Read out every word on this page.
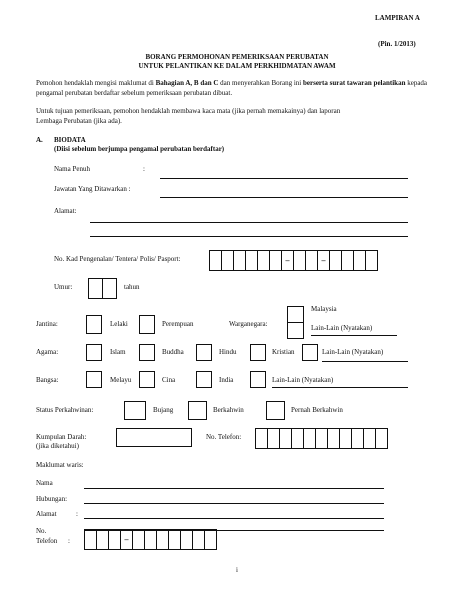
LAMPIRAN A
(Pin. 1/2013)
BORANG PERMOHONAN PEMERIKSAAN PERUBATAN
UNTUK PELANTIKAN KE DALAM PERKHIDMATAN AWAM
Pemohon hendaklah mengisi maklumat di Bahagian A, B dan C dan menyerahkan Borang ini berserta surat tawaran pelantikan kepada pengamal perubatan berdaftar sebelum pemeriksaan perubatan dibuat.
Untuk tujuan pemeriksaan, pemohon hendaklah membawa kaca mata (jika pernah memakainya) dan laporan
Lembaga Perubatan (jika ada).
A. BIODATA
(Diisi sebelum berjumpa pengamal perubatan berdaftar)
Nama Penuh	:
Jawatan Yang Ditawarkan :
Alamat:
No. Kad Pengenalan/ Tentera/ Polis/ Pasport:	–	–
Umur:	tahun
Jantina:	Lelaki	Perempuan	Warganegara:
Malaysia
Lain-Lain (Nyatakan)
Agama:	Islam	Buddha	Hindu	Kristian	Lain-Lain (Nyatakan)
Bangsa:	Melayu	Cina	India	Lain-Lain (Nyatakan)
Status Perkahwinan:	Bujang	Berkahwin	Pernah Berkahwin
Kumpulan Darah:
(jika diketahui)
No. Telefon:
Maklumat waris:
Nama
Hubungan:
Alamat	:
No.
Telefon :	–
i
